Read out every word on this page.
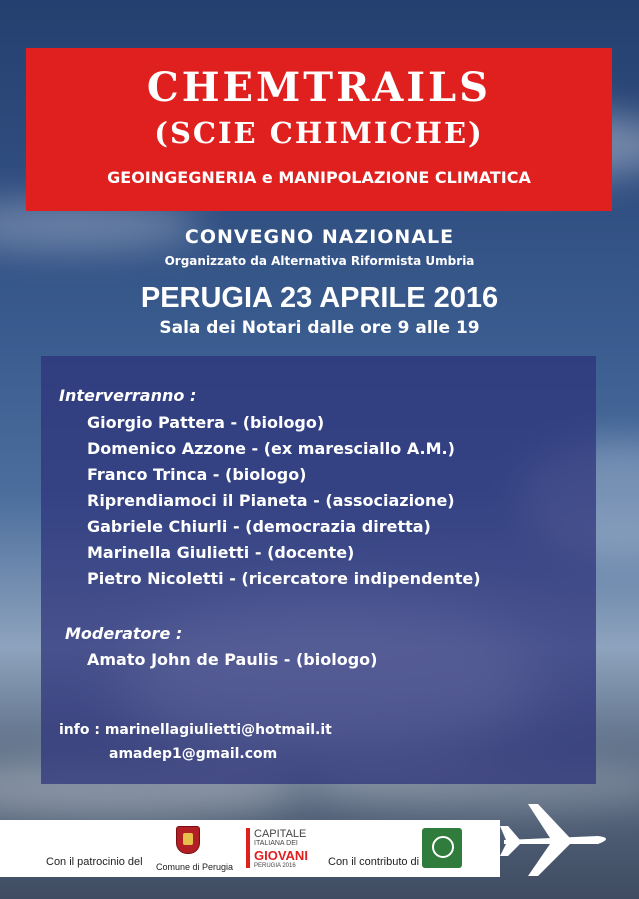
CHEMTRAILS
(SCIE CHIMICHE)
GEOINGEGNERIA e MANIPOLAZIONE CLIMATICA
CONVEGNO NAZIONALE
Organizzato da Alternativa Riformista Umbria
PERUGIA 23 APRILE 2016
Sala dei Notari dalle ore 9 alle 19
Interverranno :
Giorgio Pattera - (biologo)
Domenico Azzone - (ex maresciallo A.M.)
Franco Trinca - (biologo)
Riprendiamoci il Pianeta - (associazione)
Gabriele Chiurli - (democrazia diretta)
Marinella Giulietti - (docente)
Pietro Nicoletti - (ricercatore indipendente)
Moderatore :
Amato John de Paulis - (biologo)
info : marinellagiulietti@hotmail.it
amadep1@gmail.com
Con il patrocinio del Comune di Perugia
CAPITALE
ITALIANA DEI
GIOVANI
PERUGIA 2016	Con il contributo di
